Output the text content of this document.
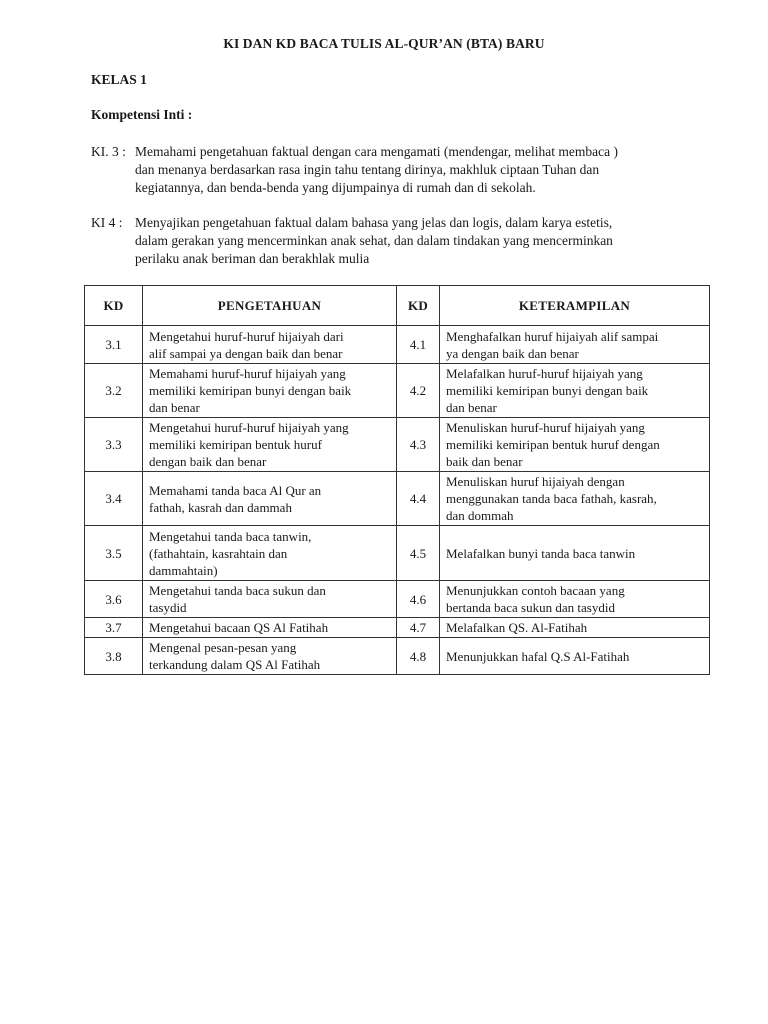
KI DAN KD BACA TULIS AL-QUR’AN (BTA) BARU
KELAS 1
Kompetensi Inti :
KI. 3 : Memahami pengetahuan faktual dengan cara mengamati (mendengar, melihat membaca )
dan menanya berdasarkan rasa ingin tahu tentang dirinya, makhluk ciptaan Tuhan dan
kegiatannya, dan benda-benda yang dijumpainya di rumah dan di sekolah.
KI 4 : Menyajikan pengetahuan faktual dalam bahasa yang jelas dan logis, dalam karya estetis,
dalam gerakan yang mencerminkan anak sehat, dan dalam tindakan yang mencerminkan
perilaku anak beriman dan berakhlak mulia
KD	PENGETAHUAN	KD	KETERAMPILAN
3.1	Mengetahui huruf-huruf hijaiyah dari
alif sampai ya dengan baik dan benar	4.1	Menghafalkan huruf hijaiyah alif sampai
ya dengan baik dan benar

3.2	Memahami huruf-huruf hijaiyah yang
memiliki kemiripan bunyi dengan baik
dan benar	4.2	Melafalkan huruf-huruf hijaiyah yang
memiliki kemiripan bunyi dengan baik
dan benar

3.3	Mengetahui huruf-huruf hijaiyah yang
memiliki kemiripan bentuk huruf
dengan baik dan benar	4.3	Menuliskan huruf-huruf hijaiyah yang
memiliki kemiripan bentuk huruf dengan
baik dan benar

3.4	Memahami tanda baca Al Qur an
fathah, kasrah dan dammah	4.4	Menuliskan huruf hijaiyah dengan
menggunakan tanda baca fathah, kasrah,
dan dommah

3.5	Mengetahui tanda baca tanwin,
(fathahtain, kasrahtain dan
dammahtain)	4.5	Melafalkan bunyi tanda baca tanwin

3.6	Mengetahui tanda baca sukun dan
tasydid	4.6	Menunjukkan contoh bacaan yang
bertanda baca sukun dan tasydid

3.7	Mengetahui bacaan QS Al Fatihah	4.7	Melafalkan QS. Al-Fatihah

3.8	Mengenal pesan-pesan yang
terkandung dalam QS Al Fatihah	4.8	Menunjukkan hafal Q.S Al-Fatihah
